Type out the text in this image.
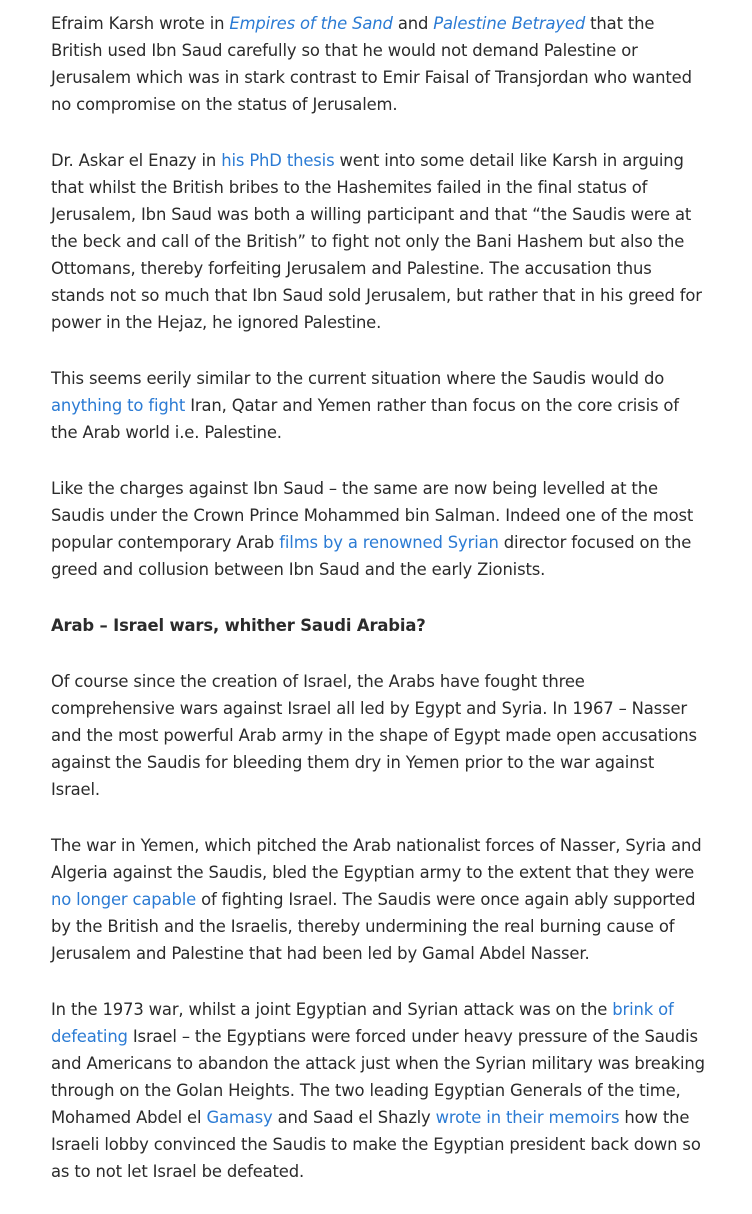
Efraim Karsh wrote in Empires of the Sand and Palestine Betrayed that the British used Ibn Saud carefully so that he would not demand Palestine or Jerusalem which was in stark contrast to Emir Faisal of Transjordan who wanted no compromise on the status of Jerusalem.

Dr. Askar el Enazy in his PhD thesis went into some detail like Karsh in arguing that whilst the British bribes to the Hashemites failed in the final status of Jerusalem, Ibn Saud was both a willing participant and that “the Saudis were at the beck and call of the British” to fight not only the Bani Hashem but also the Ottomans, thereby forfeiting Jerusalem and Palestine. The accusation thus stands not so much that Ibn Saud sold Jerusalem, but rather that in his greed for power in the Hejaz, he ignored Palestine.

This seems eerily similar to the current situation where the Saudis would do anything to fight Iran, Qatar and Yemen rather than focus on the core crisis of the Arab world i.e. Palestine.

Like the charges against Ibn Saud – the same are now being levelled at the Saudis under the Crown Prince Mohammed bin Salman. Indeed one of the most popular contemporary Arab films by a renowned Syrian director focused on the greed and collusion between Ibn Saud and the early Zionists.

Arab – Israel wars, whither Saudi Arabia?

Of course since the creation of Israel, the Arabs have fought three comprehensive wars against Israel all led by Egypt and Syria. In 1967 – Nasser and the most powerful Arab army in the shape of Egypt made open accusations against the Saudis for bleeding them dry in Yemen prior to the war against Israel.

The war in Yemen, which pitched the Arab nationalist forces of Nasser, Syria and Algeria against the Saudis, bled the Egyptian army to the extent that they were no longer capable of fighting Israel. The Saudis were once again ably supported by the British and the Israelis, thereby undermining the real burning cause of Jerusalem and Palestine that had been led by Gamal Abdel Nasser.

In the 1973 war, whilst a joint Egyptian and Syrian attack was on the brink of defeating Israel – the Egyptians were forced under heavy pressure of the Saudis and Americans to abandon the attack just when the Syrian military was breaking through on the Golan Heights. The two leading Egyptian Generals of the time, Mohamed Abdel el Gamasy and Saad el Shazly wrote in their memoirs how the Israeli lobby convinced the Saudis to make the Egyptian president back down so as to not let Israel be defeated.
